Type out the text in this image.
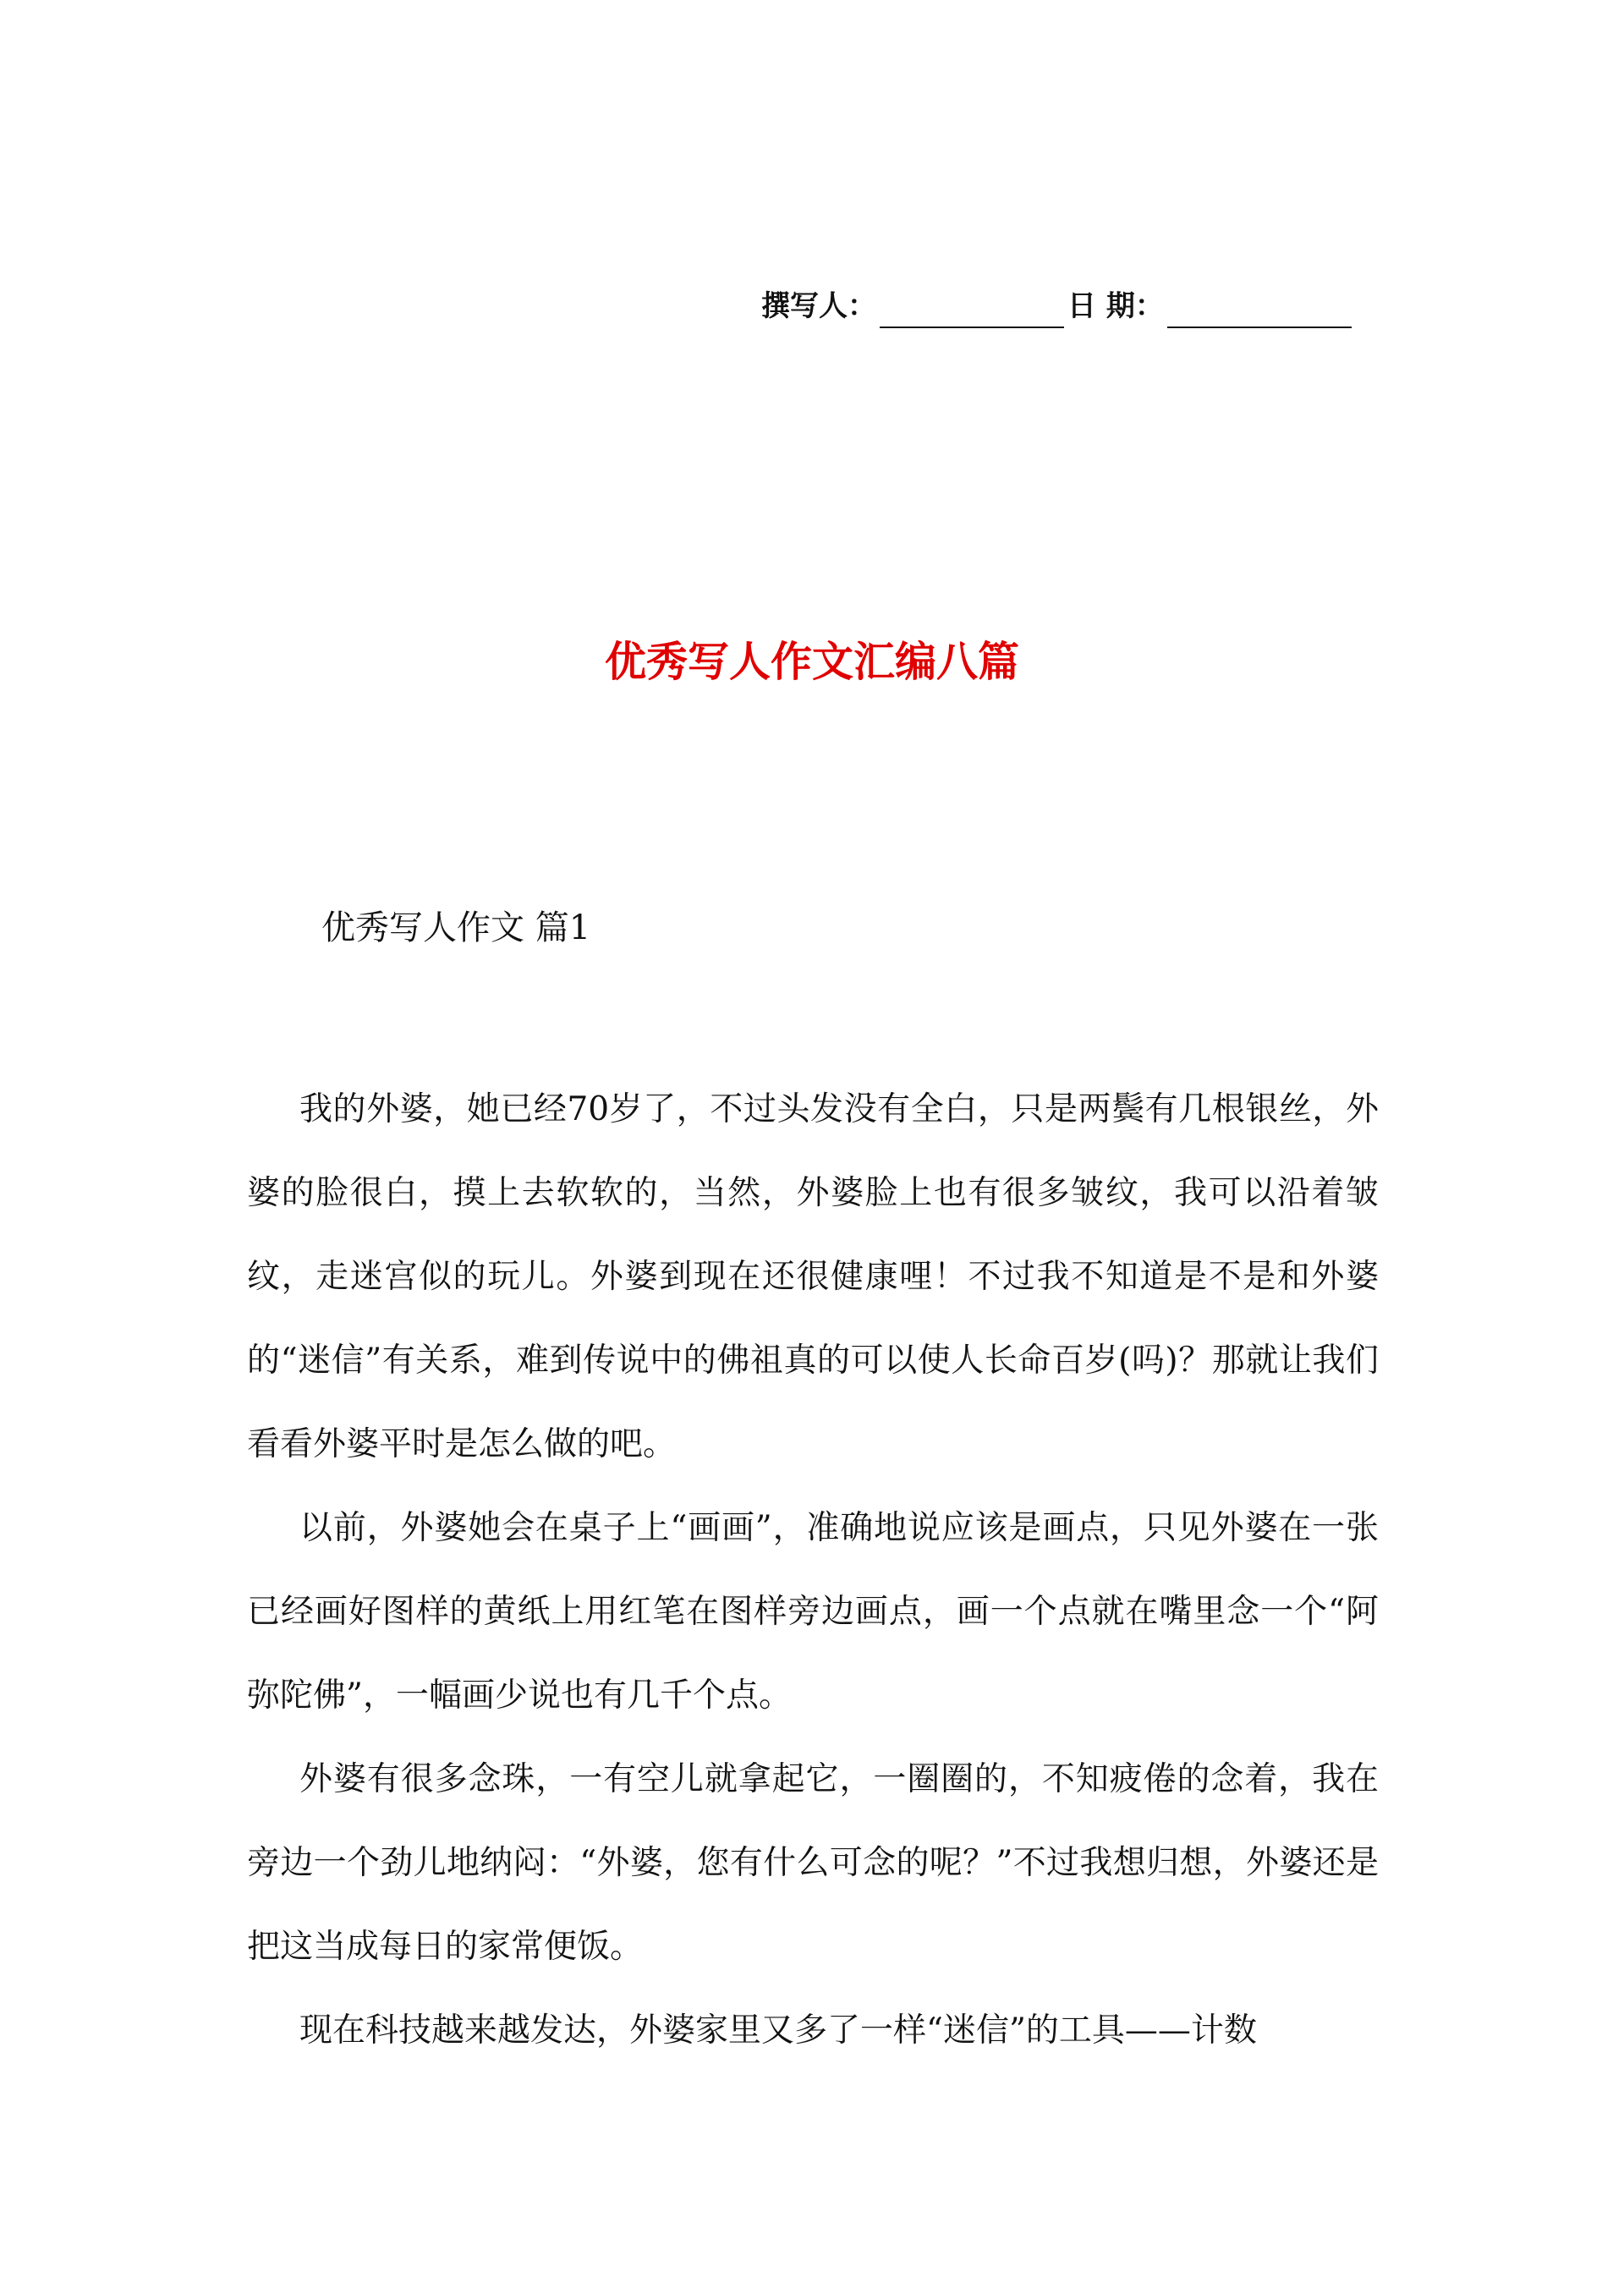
撰写人：	日 期：
优秀写人作文汇编八篇
优秀写人作文 篇1

我的外婆，她已经70岁了，不过头发没有全白，只是两鬓有几根银丝，外婆的脸很白，摸上去软软的，当然，外婆脸上也有很多皱纹，我可以沿着皱纹，走迷宫似的玩儿。外婆到现在还很健康哩！不过我不知道是不是和外婆的“迷信”有关系，难到传说中的佛祖真的可以使人长命百岁(吗)？那就让我们看看外婆平时是怎么做的吧。

以前，外婆她会在桌子上“画画”，准确地说应该是画点，只见外婆在一张已经画好图样的黄纸上用红笔在图样旁边画点，画一个点就在嘴里念一个“阿弥陀佛”，一幅画少说也有几千个点。

外婆有很多念珠，一有空儿就拿起它，一圈圈的，不知疲倦的念着，我在旁边一个劲儿地纳闷：“外婆，您有什么可念的呢？”不过我想归想，外婆还是把这当成每日的家常便饭。

现在科技越来越发达，外婆家里又多了一样“迷信”的工具——计数
